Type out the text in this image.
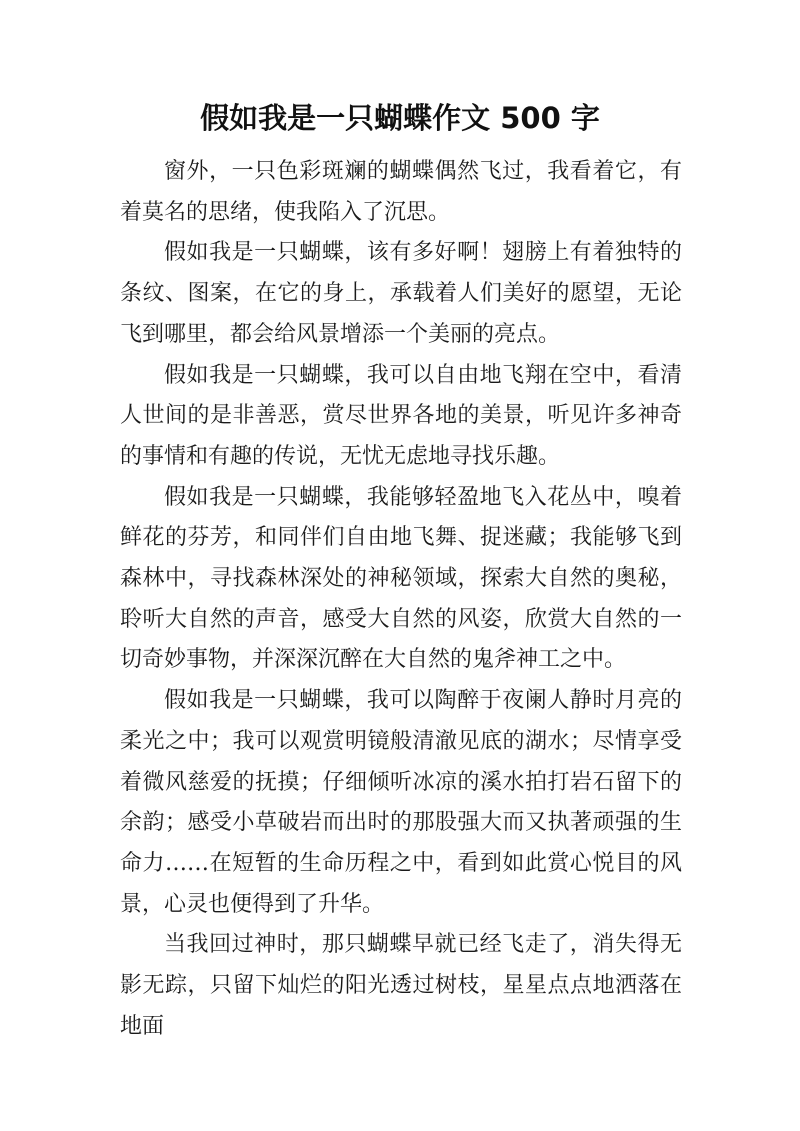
假如我是一只蝴蝶作文 500 字

窗外，一只色彩斑斓的蝴蝶偶然飞过，我看着它，有着莫名的思绪，使我陷入了沉思。

假如我是一只蝴蝶，该有多好啊！翅膀上有着独特的条纹、图案，在它的身上，承载着人们美好的愿望，无论飞到哪里，都会给风景增添一个美丽的亮点。

假如我是一只蝴蝶，我可以自由地飞翔在空中，看清人世间的是非善恶，赏尽世界各地的美景，听见许多神奇的事情和有趣的传说，无忧无虑地寻找乐趣。

假如我是一只蝴蝶，我能够轻盈地飞入花丛中，嗅着鲜花的芬芳，和同伴们自由地飞舞、捉迷藏；我能够飞到森林中，寻找森林深处的神秘领域，探索大自然的奥秘，聆听大自然的声音，感受大自然的风姿，欣赏大自然的一切奇妙事物，并深深沉醉在大自然的鬼斧神工之中。

假如我是一只蝴蝶，我可以陶醉于夜阑人静时月亮的柔光之中；我可以观赏明镜般清澈见底的湖水；尽情享受着微风慈爱的抚摸；仔细倾听冰凉的溪水拍打岩石留下的余韵；感受小草破岩而出时的那股强大而又执著顽强的生命力……在短暂的生命历程之中，看到如此赏心悦目的风景，心灵也便得到了升华。

当我回过神时，那只蝴蝶早就已经飞走了，消失得无影无踪，只留下灿烂的阳光透过树枝，星星点点地洒落在地面
